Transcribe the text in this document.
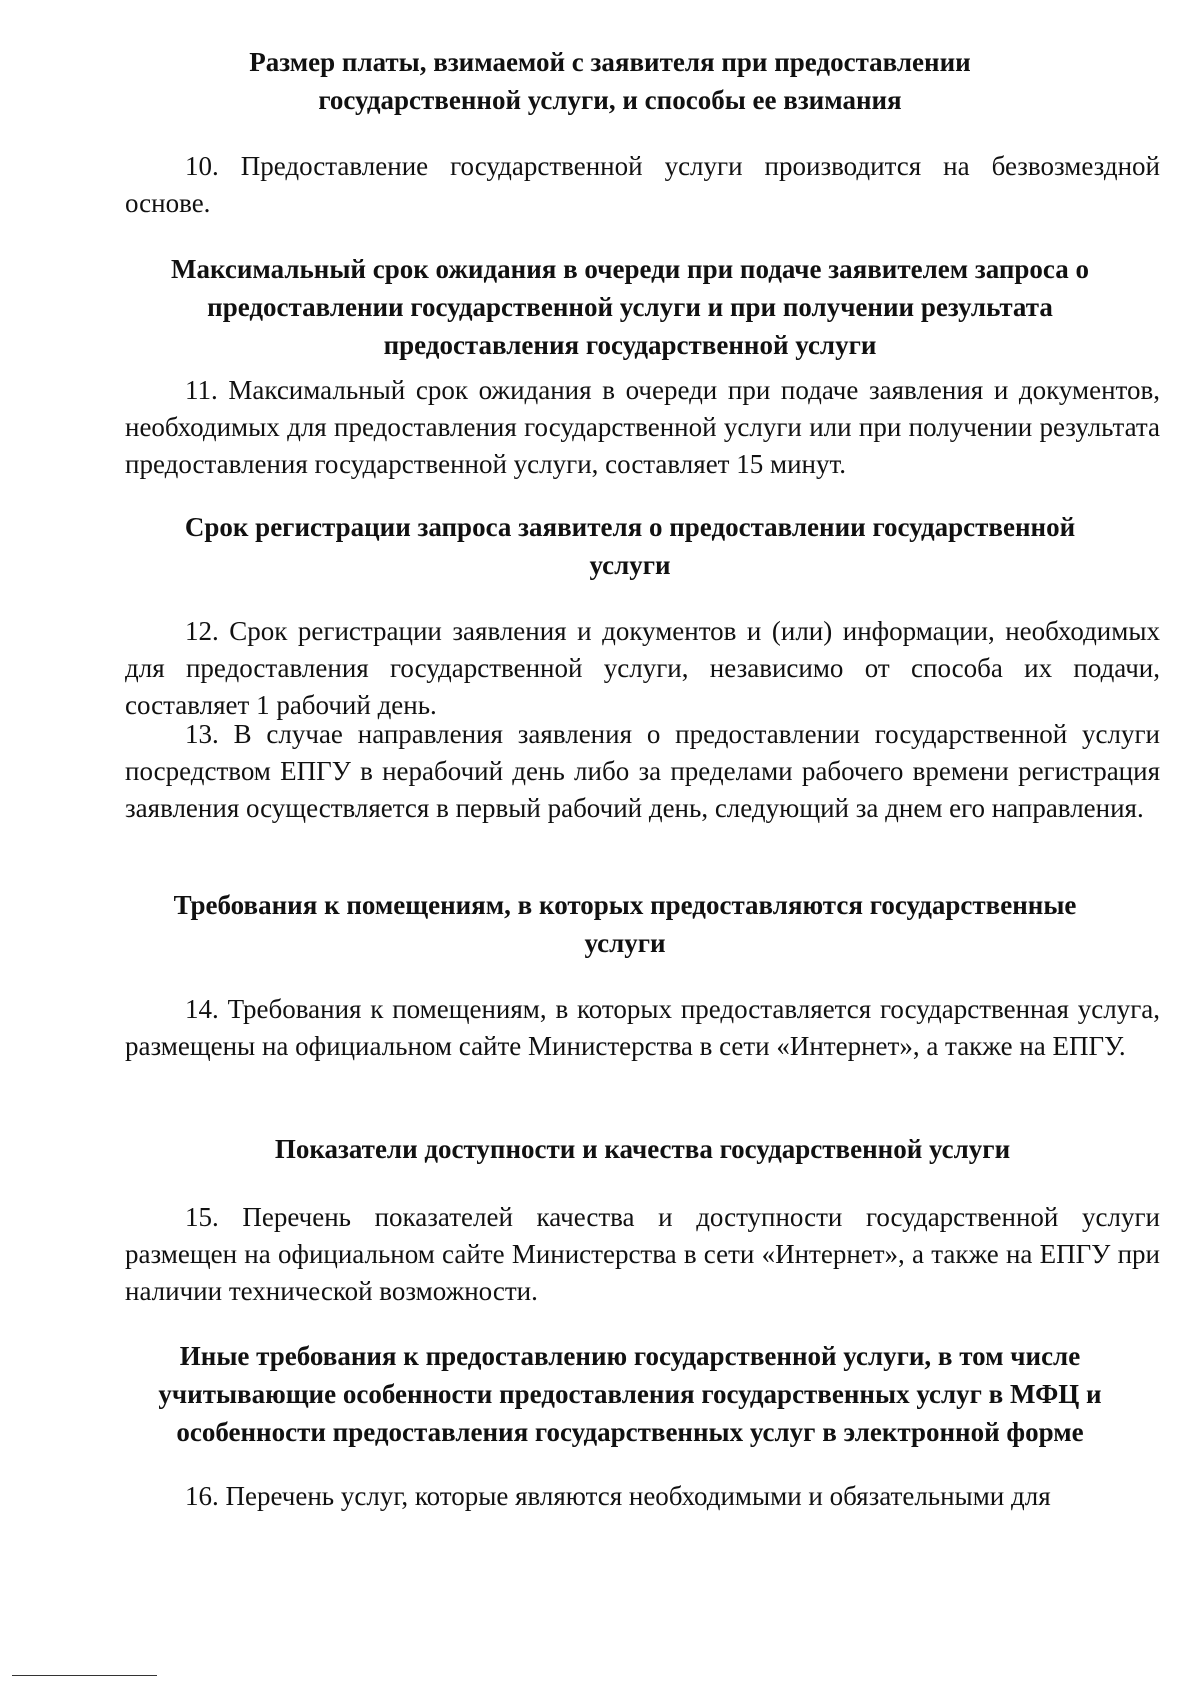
Размер платы, взимаемой с заявителя при предоставлении государственной услуги, и способы ее взимания
10. Предоставление государственной услуги производится на безвозмездной основе.
Максимальный срок ожидания в очереди при подаче заявителем запроса о предоставлении государственной услуги и при получении результата предоставления государственной услуги
11. Максимальный срок ожидания в очереди при подаче заявления и документов, необходимых для предоставления государственной услуги или при получении результата предоставления государственной услуги, составляет 15 минут.
Срок регистрации запроса заявителя о предоставлении государственной услуги
12. Срок регистрации заявления и документов и (или) информации, необходимых для предоставления государственной услуги, независимо от способа их подачи, составляет 1 рабочий день.
13. В случае направления заявления о предоставлении государственной услуги посредством ЕПГУ в нерабочий день либо за пределами рабочего времени регистрация заявления осуществляется в первый рабочий день, следующий за днем его направления.
Требования к помещениям, в которых предоставляются государственные услуги
14. Требования к помещениям, в которых предоставляется государственная услуга, размещены на официальном сайте Министерства в сети «Интернет», а также на ЕПГУ.
Показатели доступности и качества государственной услуги
15. Перечень показателей качества и доступности государственной услуги размещен на официальном сайте Министерства в сети «Интернет», а также на ЕПГУ при наличии технической возможности.
Иные требования к предоставлению государственной услуги, в том числе учитывающие особенности предоставления государственных услуг в МФЦ и особенности предоставления государственных услуг в электронной форме
16. Перечень услуг, которые являются необходимыми и обязательными для
